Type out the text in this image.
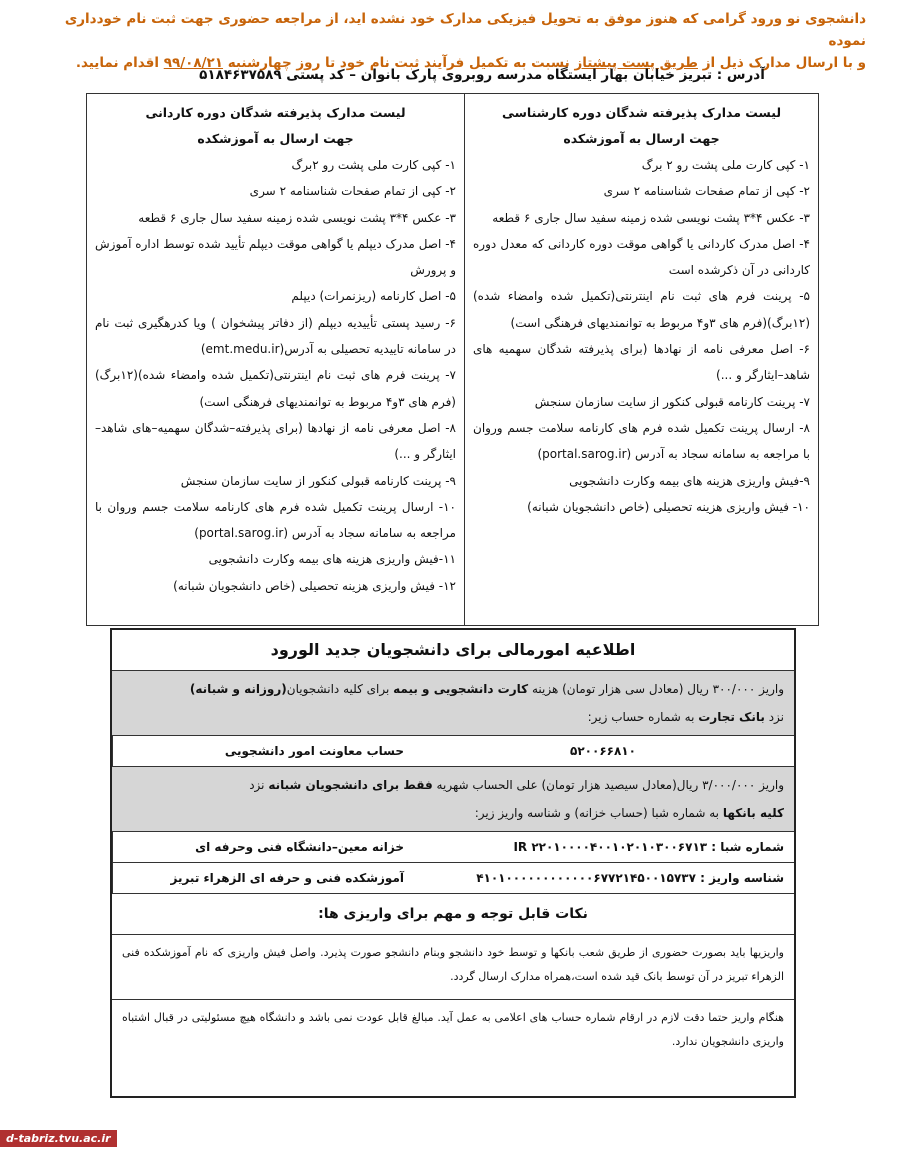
دانشجوی نو ورود گرامی که هنوز موفق به تحویل فیزیکی مدارک خود نشده اید، از مراجعه حضوری جهت ثبت نام خودداری نموده
و با ارسال مدارک ذیل از طریق پست پیشتاز نسبت به تکمیل فرآیند ثبت نام خود تا روز چهارشنبه ۹۹/۰۸/۲۱ اقدام نمایید.
آدرس : تبریز خیابان بهار ایستگاه مدرسه روبروی پارک بانوان – کد پستی ۵۱۸۴۶۳۷۵۸۹
لیست مدارک پذیرفته شدگان دوره کارشناسی
جهت ارسال به آموزشکده
۱- کپی کارت ملی پشت رو ۲ برگ
۲- کپی از تمام صفحات شناسنامه ۲ سری
۳- عکس ۴*۳ پشت نویسی شده زمینه سفید سال جاری ۶ قطعه
۴- اصل مدرک کاردانی یا گواهی موقت دوره کاردانی که معدل دوره کاردانی در آن ذکرشده است
۵- پرینت فرم های ثبت نام اینترنتی(تکمیل شده وامضاء شده)(۱۲برگ)(فرم های ۳و۴ مربوط به توانمندیهای فرهنگی است)
۶- اصل معرفی نامه از نهادها (برای پذیرفته شدگان سهمیه های شاهد–ایثارگر و ...)
۷- پرینت کارنامه قبولی کنکور از سایت سازمان سنجش
۸- ارسال پرینت تکمیل شده فرم های کارنامه سلامت جسم وروان با مراجعه به سامانه سجاد به آدرس (portal.sarog.ir)
۹-فیش واریزی هزینه های بیمه وکارت دانشجویی
۱۰- فیش واریزی هزینه تحصیلی (خاص دانشجویان شبانه)
لیست مدارک پذیرفته شدگان دوره کاردانی
جهت ارسال به آموزشکده
۱- کپی کارت ملی پشت رو ۲برگ
۲- کپی از تمام صفحات شناسنامه ۲ سری
۳- عکس ۴*۳ پشت نویسی شده زمینه سفید سال جاری ۶ قطعه
۴- اصل مدرک دیپلم یا گواهی موقت دیپلم تأیید شده توسط اداره آموزش و پرورش
۵- اصل کارنامه (ریزنمرات) دیپلم
۶- رسید پستی تأییدیه دیپلم (از دفاتر پیشخوان ) ویا کدرهگیری ثبت نام در سامانه تاییدیه تحصیلی به آدرس(emt.medu.ir)
۷- پرینت فرم های ثبت نام اینترنتی(تکمیل شده وامضاء شده)(۱۲برگ)(فرم های ۳و۴ مربوط به توانمندیهای فرهنگی است)
۸- اصل معرفی نامه از نهادها (برای پذیرفته–شدگان سهمیه–های شاهد–ایثارگر و ...)
۹- پرینت کارنامه قبولی کنکور از سایت سازمان سنجش
۱۰- ارسال پرینت تکمیل شده فرم های کارنامه سلامت جسم وروان با مراجعه به سامانه سجاد به آدرس (portal.sarog.ir)
۱۱-فیش واریزی هزینه های بیمه وکارت دانشجویی
۱۲- فیش واریزی هزینه تحصیلی (خاص دانشجویان شبانه)
اطلاعیه امورمالی برای دانشجویان جدید الورود
واریز ۳۰۰/۰۰۰ ریال (معادل سی هزار تومان) هزینه کارت دانشجویی و بیمه برای کلیه دانشجویان(روزانه و شبانه)
نزد بانک تجارت به شماره حساب زیر:
حساب معاونت امور دانشجویی	۵۲۰۰۶۶۸۱۰
واریز ۳/۰۰۰/۰۰۰ ریال(معادل سیصید هزار تومان) علی الحساب شهریه فقط برای دانشجویان شبانه نزد
کلیه بانکها به شماره شبا (حساب خزانه) و شناسه واریز زیر:
خزانه معین–دانشگاه فنی وحرفه ای	شماره شبا : IR ۲۲۰۱۰۰۰۰۴۰۰۱۰۲۰۱۰۳۰۰۶۷۱۳
آموزشکده فنی و حرفه ای الزهراء تبریز	شناسه واریز : ۴۱۰۱۰۰۰۰۰۰۰۰۰۰۰۰۶۷۷۲۱۴۵۰۰۱۵۷۳۷
نکات قابل توجه و مهم برای واریزی ها:
واریزیها باید بصورت حضوری از طریق شعب بانکها و توسط خود دانشجو وبنام دانشجو صورت پذیرد. واصل فیش واریزی که نام آموزشکده فنی الزهراء تبریز در آن توسط بانک قید شده است،همراه مدارک ارسال گردد.
هنگام واریز حتما دقت لازم در ارقام شماره حساب های اعلامی به عمل آید. مبالغ قابل عودت نمی باشد و دانشگاه هیچ مسئولیتی در قبال اشتباه واریزی دانشجویان ندارد.
d-tabriz.tvu.ac.ir
